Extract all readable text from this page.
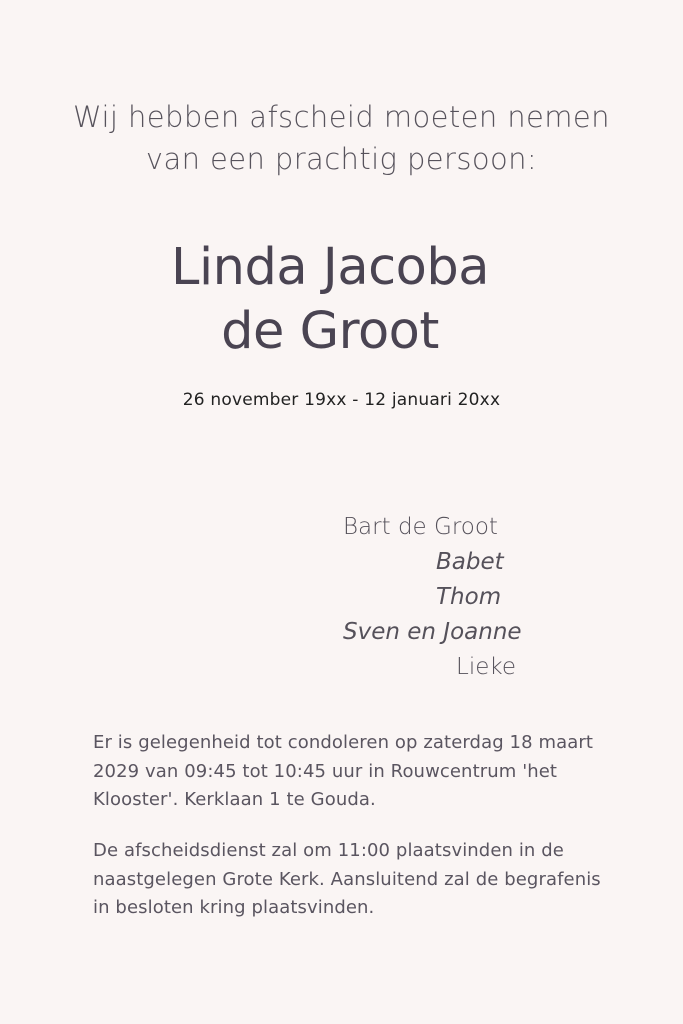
Wij hebben afscheid moeten nemen
van een prachtig persoon:
Linda Jacoba
de Groot
26 november 19xx - 12 januari 20xx
Bart de Groot
Babet
Thom
Sven en Joanne
Lieke
Er is gelegenheid tot condoleren op zaterdag 18 maart 2029 van 09:45 tot 10:45 uur in Rouwcentrum 'het Klooster'. Kerklaan 1 te Gouda.
De afscheidsdienst zal om 11:00 plaatsvinden in de naastgelegen Grote Kerk. Aansluitend zal de begrafenis in besloten kring plaatsvinden.
